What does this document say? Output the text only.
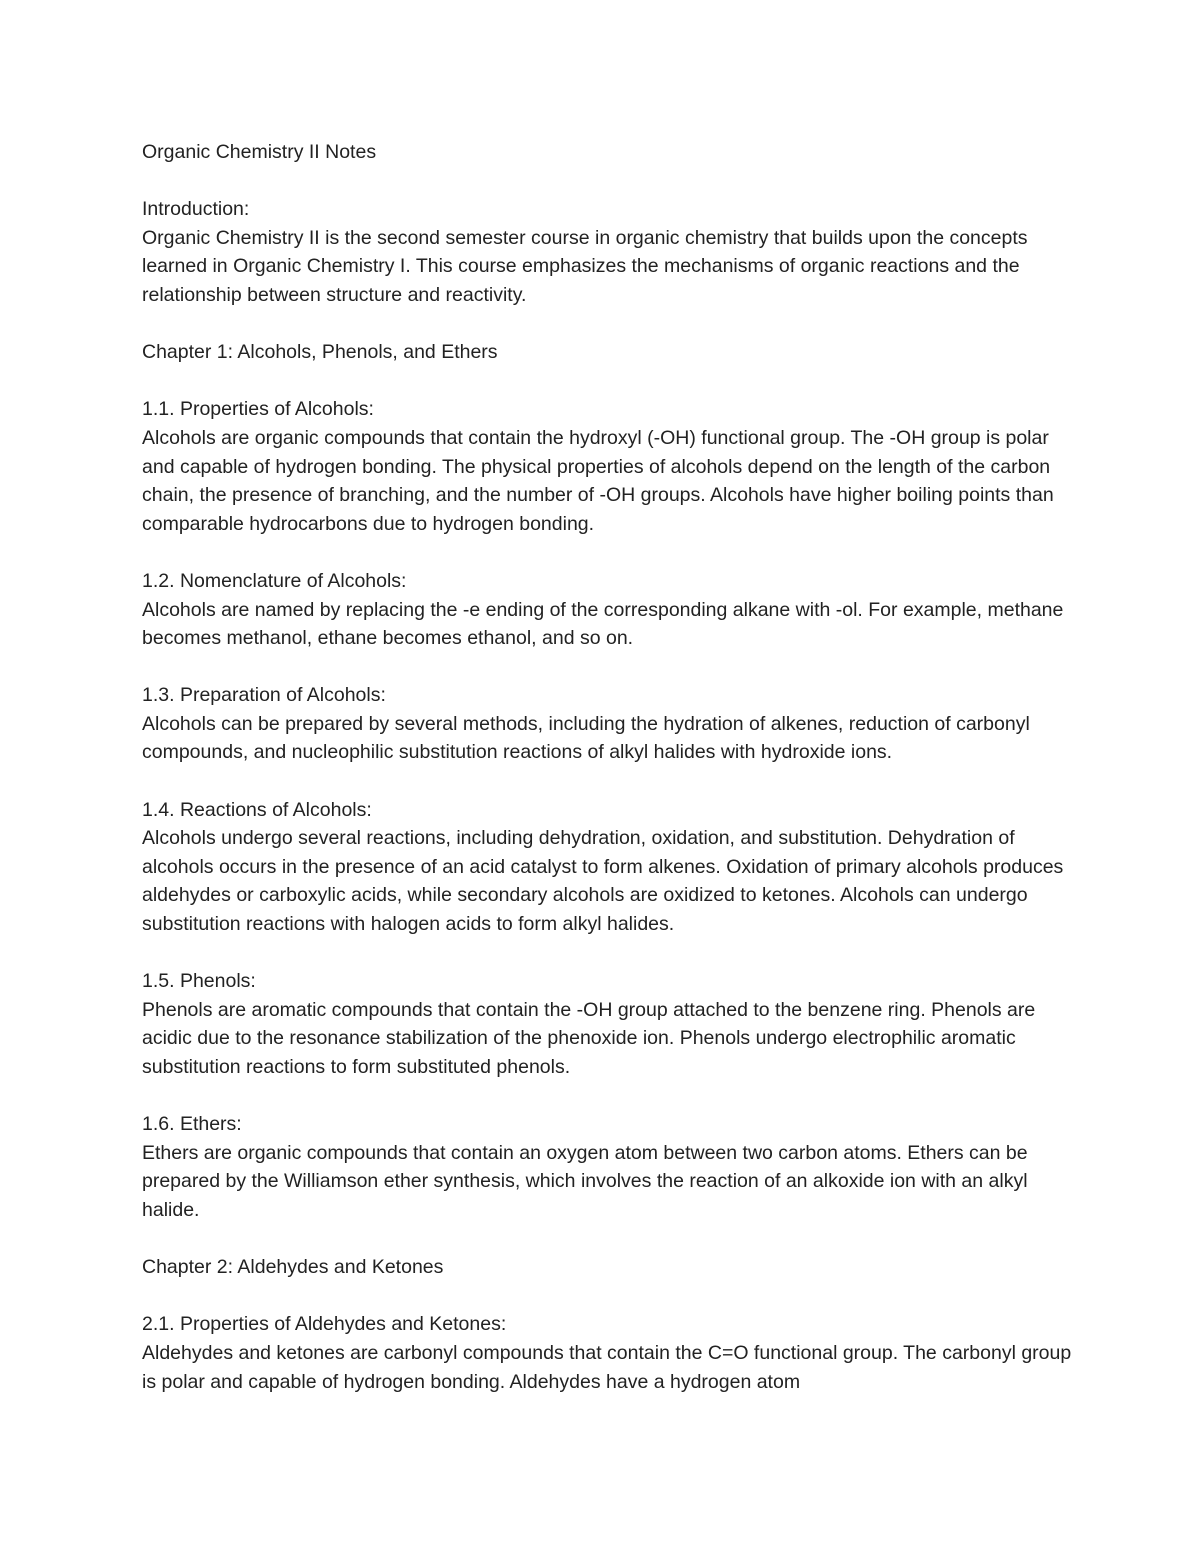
Organic Chemistry II Notes

Introduction:

Organic Chemistry II is the second semester course in organic chemistry that builds upon the concepts learned in Organic Chemistry I. This course emphasizes the mechanisms of organic reactions and the relationship between structure and reactivity.

Chapter 1: Alcohols, Phenols, and Ethers

1.1. Properties of Alcohols:

Alcohols are organic compounds that contain the hydroxyl (-OH) functional group. The -OH group is polar and capable of hydrogen bonding. The physical properties of alcohols depend on the length of the carbon chain, the presence of branching, and the number of -OH groups. Alcohols have higher boiling points than comparable hydrocarbons due to hydrogen bonding.

1.2. Nomenclature of Alcohols:

Alcohols are named by replacing the -e ending of the corresponding alkane with -ol. For example, methane becomes methanol, ethane becomes ethanol, and so on.

1.3. Preparation of Alcohols:

Alcohols can be prepared by several methods, including the hydration of alkenes, reduction of carbonyl compounds, and nucleophilic substitution reactions of alkyl halides with hydroxide ions.

1.4. Reactions of Alcohols:

Alcohols undergo several reactions, including dehydration, oxidation, and substitution. Dehydration of alcohols occurs in the presence of an acid catalyst to form alkenes. Oxidation of primary alcohols produces aldehydes or carboxylic acids, while secondary alcohols are oxidized to ketones. Alcohols can undergo substitution reactions with halogen acids to form alkyl halides.

1.5. Phenols:

Phenols are aromatic compounds that contain the -OH group attached to the benzene ring. Phenols are acidic due to the resonance stabilization of the phenoxide ion. Phenols undergo electrophilic aromatic substitution reactions to form substituted phenols.

1.6. Ethers:

Ethers are organic compounds that contain an oxygen atom between two carbon atoms. Ethers can be prepared by the Williamson ether synthesis, which involves the reaction of an alkoxide ion with an alkyl halide.

Chapter 2: Aldehydes and Ketones

2.1. Properties of Aldehydes and Ketones:

Aldehydes and ketones are carbonyl compounds that contain the C=O functional group. The carbonyl group is polar and capable of hydrogen bonding. Aldehydes have a hydrogen atom
